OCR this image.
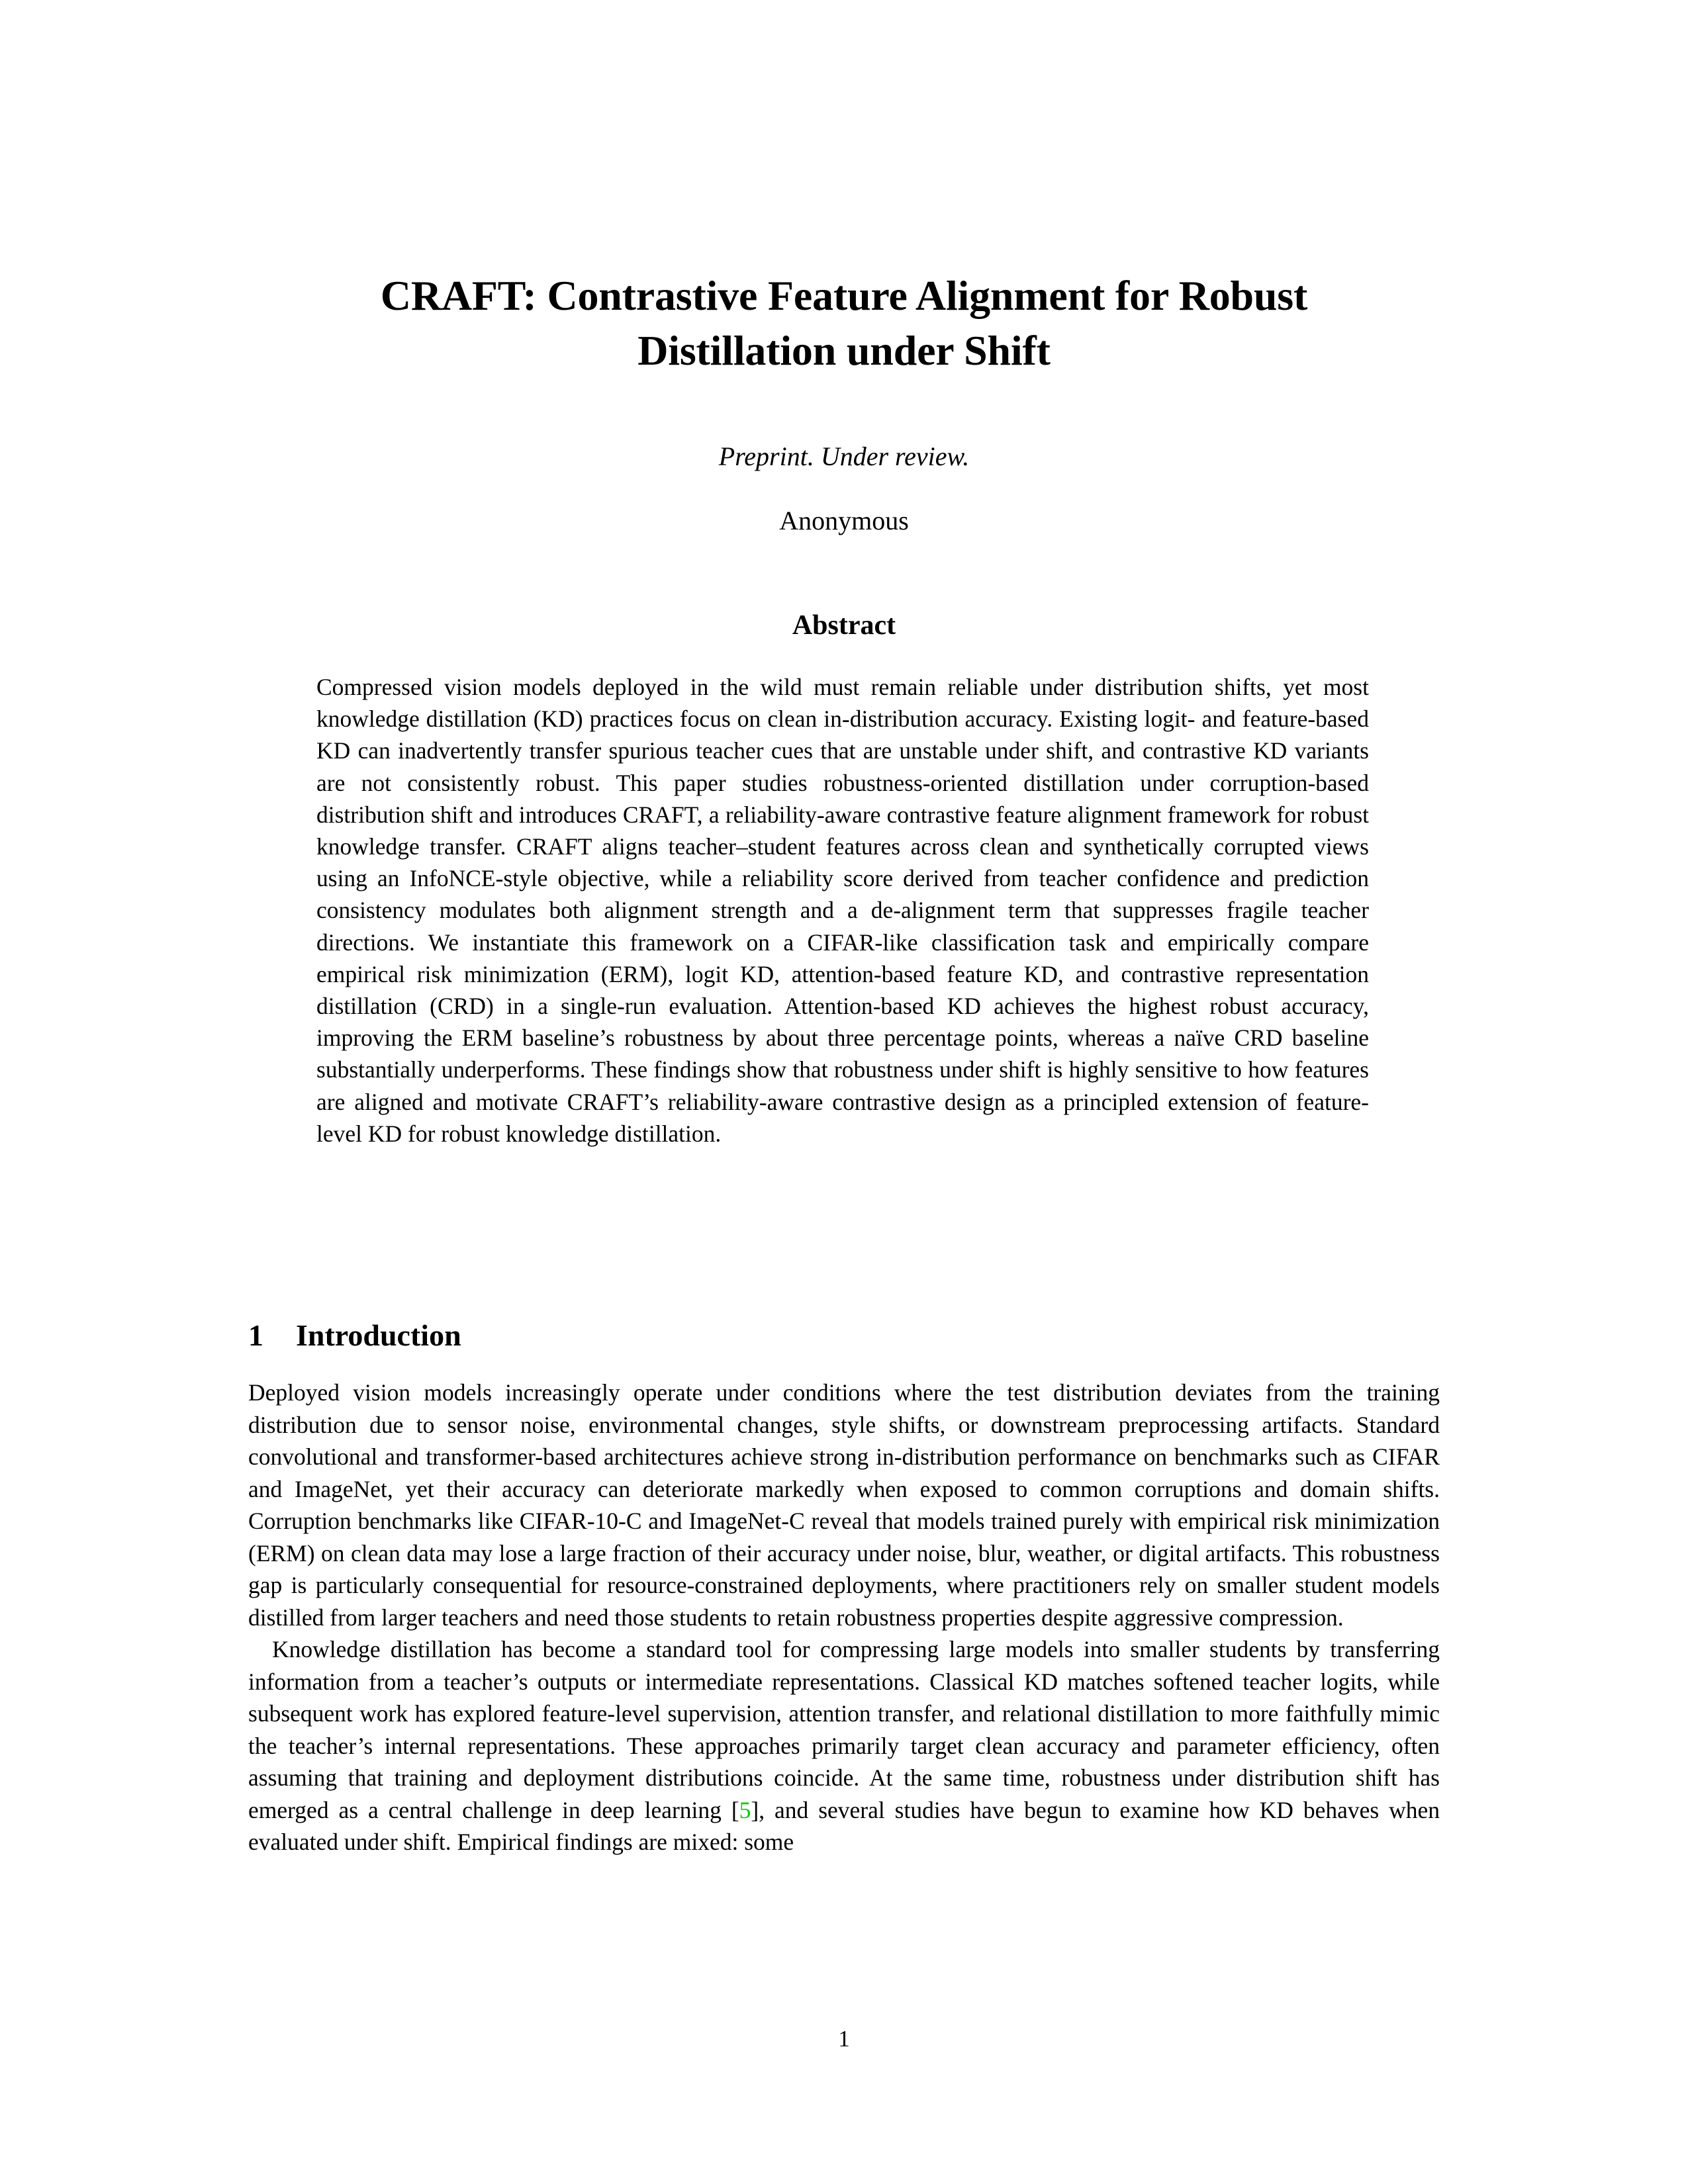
CRAFT: Contrastive Feature Alignment for Robust
Distillation under Shift
Preprint. Under review.
Anonymous
Abstract
Compressed vision models deployed in the wild must remain reliable under distribution shifts, yet most knowledge distillation (KD) practices focus on clean in-distribution accuracy. Existing logit- and feature-based KD can inadvertently transfer spurious teacher cues that are unstable under shift, and contrastive KD variants are not consistently robust. This paper studies robustness-oriented distillation under corruption-based distribution shift and introduces CRAFT, a reliability-aware contrastive feature alignment framework for robust knowledge transfer. CRAFT aligns teacher–student features across clean and synthetically corrupted views using an InfoNCE-style objective, while a reliability score derived from teacher confidence and prediction consistency modulates both alignment strength and a de-alignment term that suppresses fragile teacher directions. We instantiate this framework on a CIFAR-like classification task and empirically compare empirical risk minimization (ERM), logit KD, attention-based feature KD, and contrastive representation distillation (CRD) in a single-run evaluation. Attention-based KD achieves the highest robust accuracy, improving the ERM baseline’s robustness by about three percentage points, whereas a naïve CRD baseline substantially underperforms. These findings show that robustness under shift is highly sensitive to how features are aligned and motivate CRAFT’s reliability-aware contrastive design as a principled extension of feature-level KD for robust knowledge distillation.
1 Introduction

Deployed vision models increasingly operate under conditions where the test distribution deviates from the training distribution due to sensor noise, environmental changes, style shifts, or downstream preprocessing artifacts. Standard convolutional and transformer-based architectures achieve strong in-distribution performance on benchmarks such as CIFAR and ImageNet, yet their accuracy can deteriorate markedly when exposed to common corruptions and domain shifts. Corruption benchmarks like CIFAR-10-C and ImageNet-C reveal that models trained purely with empirical risk minimization (ERM) on clean data may lose a large fraction of their accuracy under noise, blur, weather, or digital artifacts. This robustness gap is particularly consequential for resource-constrained deployments, where practitioners rely on smaller student models distilled from larger teachers and need those students to retain robustness properties despite aggressive compression.

Knowledge distillation has become a standard tool for compressing large models into smaller students by transferring information from a teacher’s outputs or intermediate representations. Classical KD matches softened teacher logits, while subsequent work has explored feature-level supervision, attention transfer, and relational distillation to more faithfully mimic the teacher’s internal representations. These approaches primarily target clean accuracy and parameter efficiency, often assuming that training and deployment distributions coincide. At the same time, robustness under distribution shift has emerged as a central challenge in deep learning [5], and several studies have begun to examine how KD behaves when evaluated under shift. Empirical findings are mixed: some

1
